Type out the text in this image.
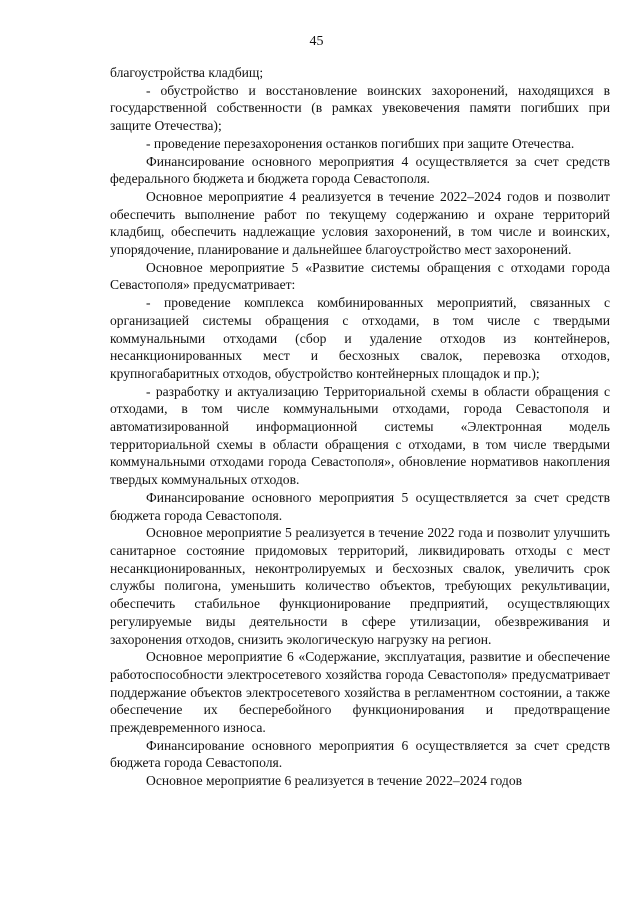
45

благоустройства кладбищ;

- обустройство и восстановление воинских захоронений, находящихся в государственной собственности (в рамках увековечения памяти погибших при защите Отечества);

- проведение перезахоронения останков погибших при защите Отечества.

Финансирование основного мероприятия 4 осуществляется за счет средств федерального бюджета и бюджета города Севастополя.

Основное мероприятие 4 реализуется в течение 2022–2024 годов и позволит обеспечить выполнение работ по текущему содержанию и охране территорий кладбищ, обеспечить надлежащие условия захоронений, в том числе и воинских, упорядочение, планирование и дальнейшее благоустройство мест захоронений.

Основное мероприятие 5 «Развитие системы обращения с отходами города Севастополя» предусматривает:

- проведение комплекса комбинированных мероприятий, связанных с организацией системы обращения с отходами, в том числе с твердыми коммунальными отходами (сбор и удаление отходов из контейнеров, несанкционированных мест и бесхозных свалок, перевозка отходов, крупногабаритных отходов, обустройство контейнерных площадок и пр.);

- разработку и актуализацию Территориальной схемы в области обращения с отходами, в том числе коммунальными отходами, города Севастополя и автоматизированной информационной системы «Электронная модель территориальной схемы в области обращения с отходами, в том числе твердыми коммунальными отходами города Севастополя», обновление нормативов накопления твердых коммунальных отходов.

Финансирование основного мероприятия 5 осуществляется за счет средств бюджета города Севастополя.

Основное мероприятие 5 реализуется в течение 2022 года и позволит улучшить санитарное состояние придомовых территорий, ликвидировать отходы с мест несанкционированных, неконтролируемых и бесхозных свалок, увеличить срок службы полигона, уменьшить количество объектов, требующих рекультивации, обеспечить стабильное функционирование предприятий, осуществляющих регулируемые виды деятельности в сфере утилизации, обезвреживания и захоронения отходов, снизить экологическую нагрузку на регион.

Основное мероприятие 6 «Содержание, эксплуатация, развитие и обеспечение работоспособности электросетевого хозяйства города Севастополя» предусматривает поддержание объектов электросетевого хозяйства в регламентном состоянии, а также обеспечение их бесперебойного функционирования и предотвращение преждевременного износа.

Финансирование основного мероприятия 6 осуществляется за счет средств бюджета города Севастополя.

Основное мероприятие 6 реализуется в течение 2022–2024 годов
